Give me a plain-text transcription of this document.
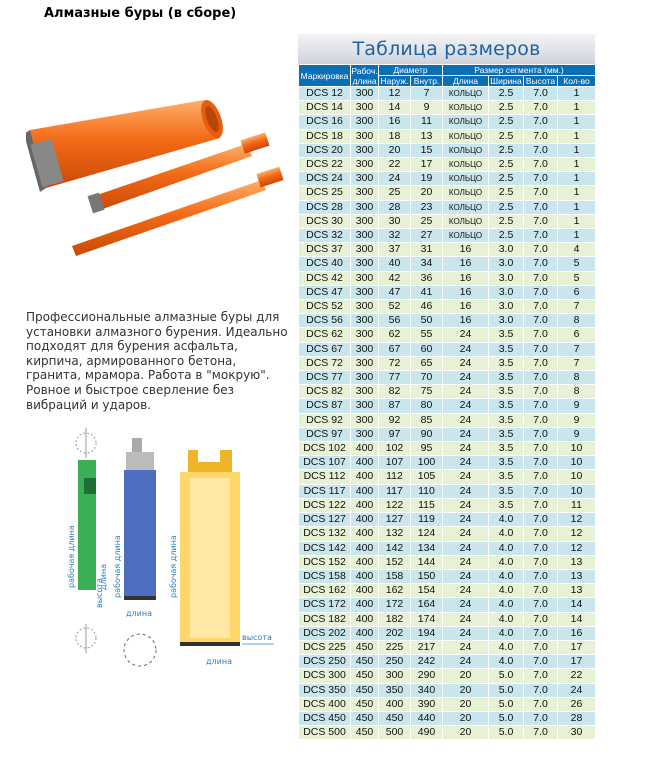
Алмазные буры (в сборе)
Профессиональные алмазные буры для установки алмазного бурения. Идеально подходят для бурения асфальта, кирпича, армированного бетона, гранита, мрамора. Работа в "мокрую". Ровное и быстрое сверление без вибраций и ударов.
рабочая длина
высота
длина рабочая длина
длина
рабочая длина
высота
длина
Таблица размеров
Маркировка	Рабоч. длина	Диаметр		Размер сегмента (мм.)			
		Наруж.	Внутр.	Длина	Ширина	Высота	Кол-во
DCS 12	300	12	7	КОЛЬЦО	2.5	7.0	1
DCS 14	300	14	9	КОЛЬЦО	2.5	7.0	1
DCS 16	300	16	11	КОЛЬЦО	2.5	7.0	1
DCS 18	300	18	13	КОЛЬЦО	2.5	7.0	1
DCS 20	300	20	15	КОЛЬЦО	2.5	7.0	1
DCS 22	300	22	17	КОЛЬЦО	2.5	7.0	1
DCS 24	300	24	19	КОЛЬЦО	2.5	7.0	1
DCS 25	300	25	20	КОЛЬЦО	2.5	7.0	1
DCS 28	300	28	23	КОЛЬЦО	2.5	7.0	1
DCS 30	300	30	25	КОЛЬЦО	2.5	7.0	1
DCS 32	300	32	27	КОЛЬЦО	2.5	7.0	1
DCS 37	300	37	31	16	3.0	7.0	4
DCS 40	300	40	34	16	3.0	7.0	5
DCS 42	300	42	36	16	3.0	7.0	5
DCS 47	300	47	41	16	3.0	7.0	6
DCS 52	300	52	46	16	3.0	7.0	7
DCS 56	300	56	50	16	3.0	7.0	8
DCS 62	300	62	55	24	3.5	7.0	6
DCS 67	300	67	60	24	3.5	7.0	7
DCS 72	300	72	65	24	3.5	7.0	7
DCS 77	300	77	70	24	3.5	7.0	8
DCS 82	300	82	75	24	3.5	7.0	8
DCS 87	300	87	80	24	3.5	7.0	9
DCS 92	300	92	85	24	3.5	7.0	9
DCS 97	300	97	90	24	3.5	7.0	9
DCS 102	400	102	95	24	3.5	7.0	10
DCS 107	400	107	100	24	3.5	7.0	10
DCS 112	400	112	105	24	3.5	7.0	10
DCS 117	400	117	110	24	3.5	7.0	10
DCS 122	400	122	115	24	3.5	7.0	11
DCS 127	400	127	119	24	4.0	7.0	12
DCS 132	400	132	124	24	4.0	7.0	12
DCS 142	400	142	134	24	4.0	7.0	12
DCS 152	400	152	144	24	4.0	7.0	13
DCS 158	400	158	150	24	4.0	7.0	13
DCS 162	400	162	154	24	4.0	7.0	13
DCS 172	400	172	164	24	4.0	7.0	14
DCS 182	400	182	174	24	4.0	7.0	14
DCS 202	400	202	194	24	4.0	7.0	16
DCS 225	450	225	217	24	4.0	7.0	17
DCS 250	450	250	242	24	4.0	7.0	17
DCS 300	450	300	290	20	5.0	7.0	22
DCS 350	450	350	340	20	5.0	7.0	24
DCS 400	450	400	390	20	5.0	7.0	26
DCS 450	450	450	440	20	5.0	7.0	28
DCS 500	450	500	490	20	5.0	7.0	30
